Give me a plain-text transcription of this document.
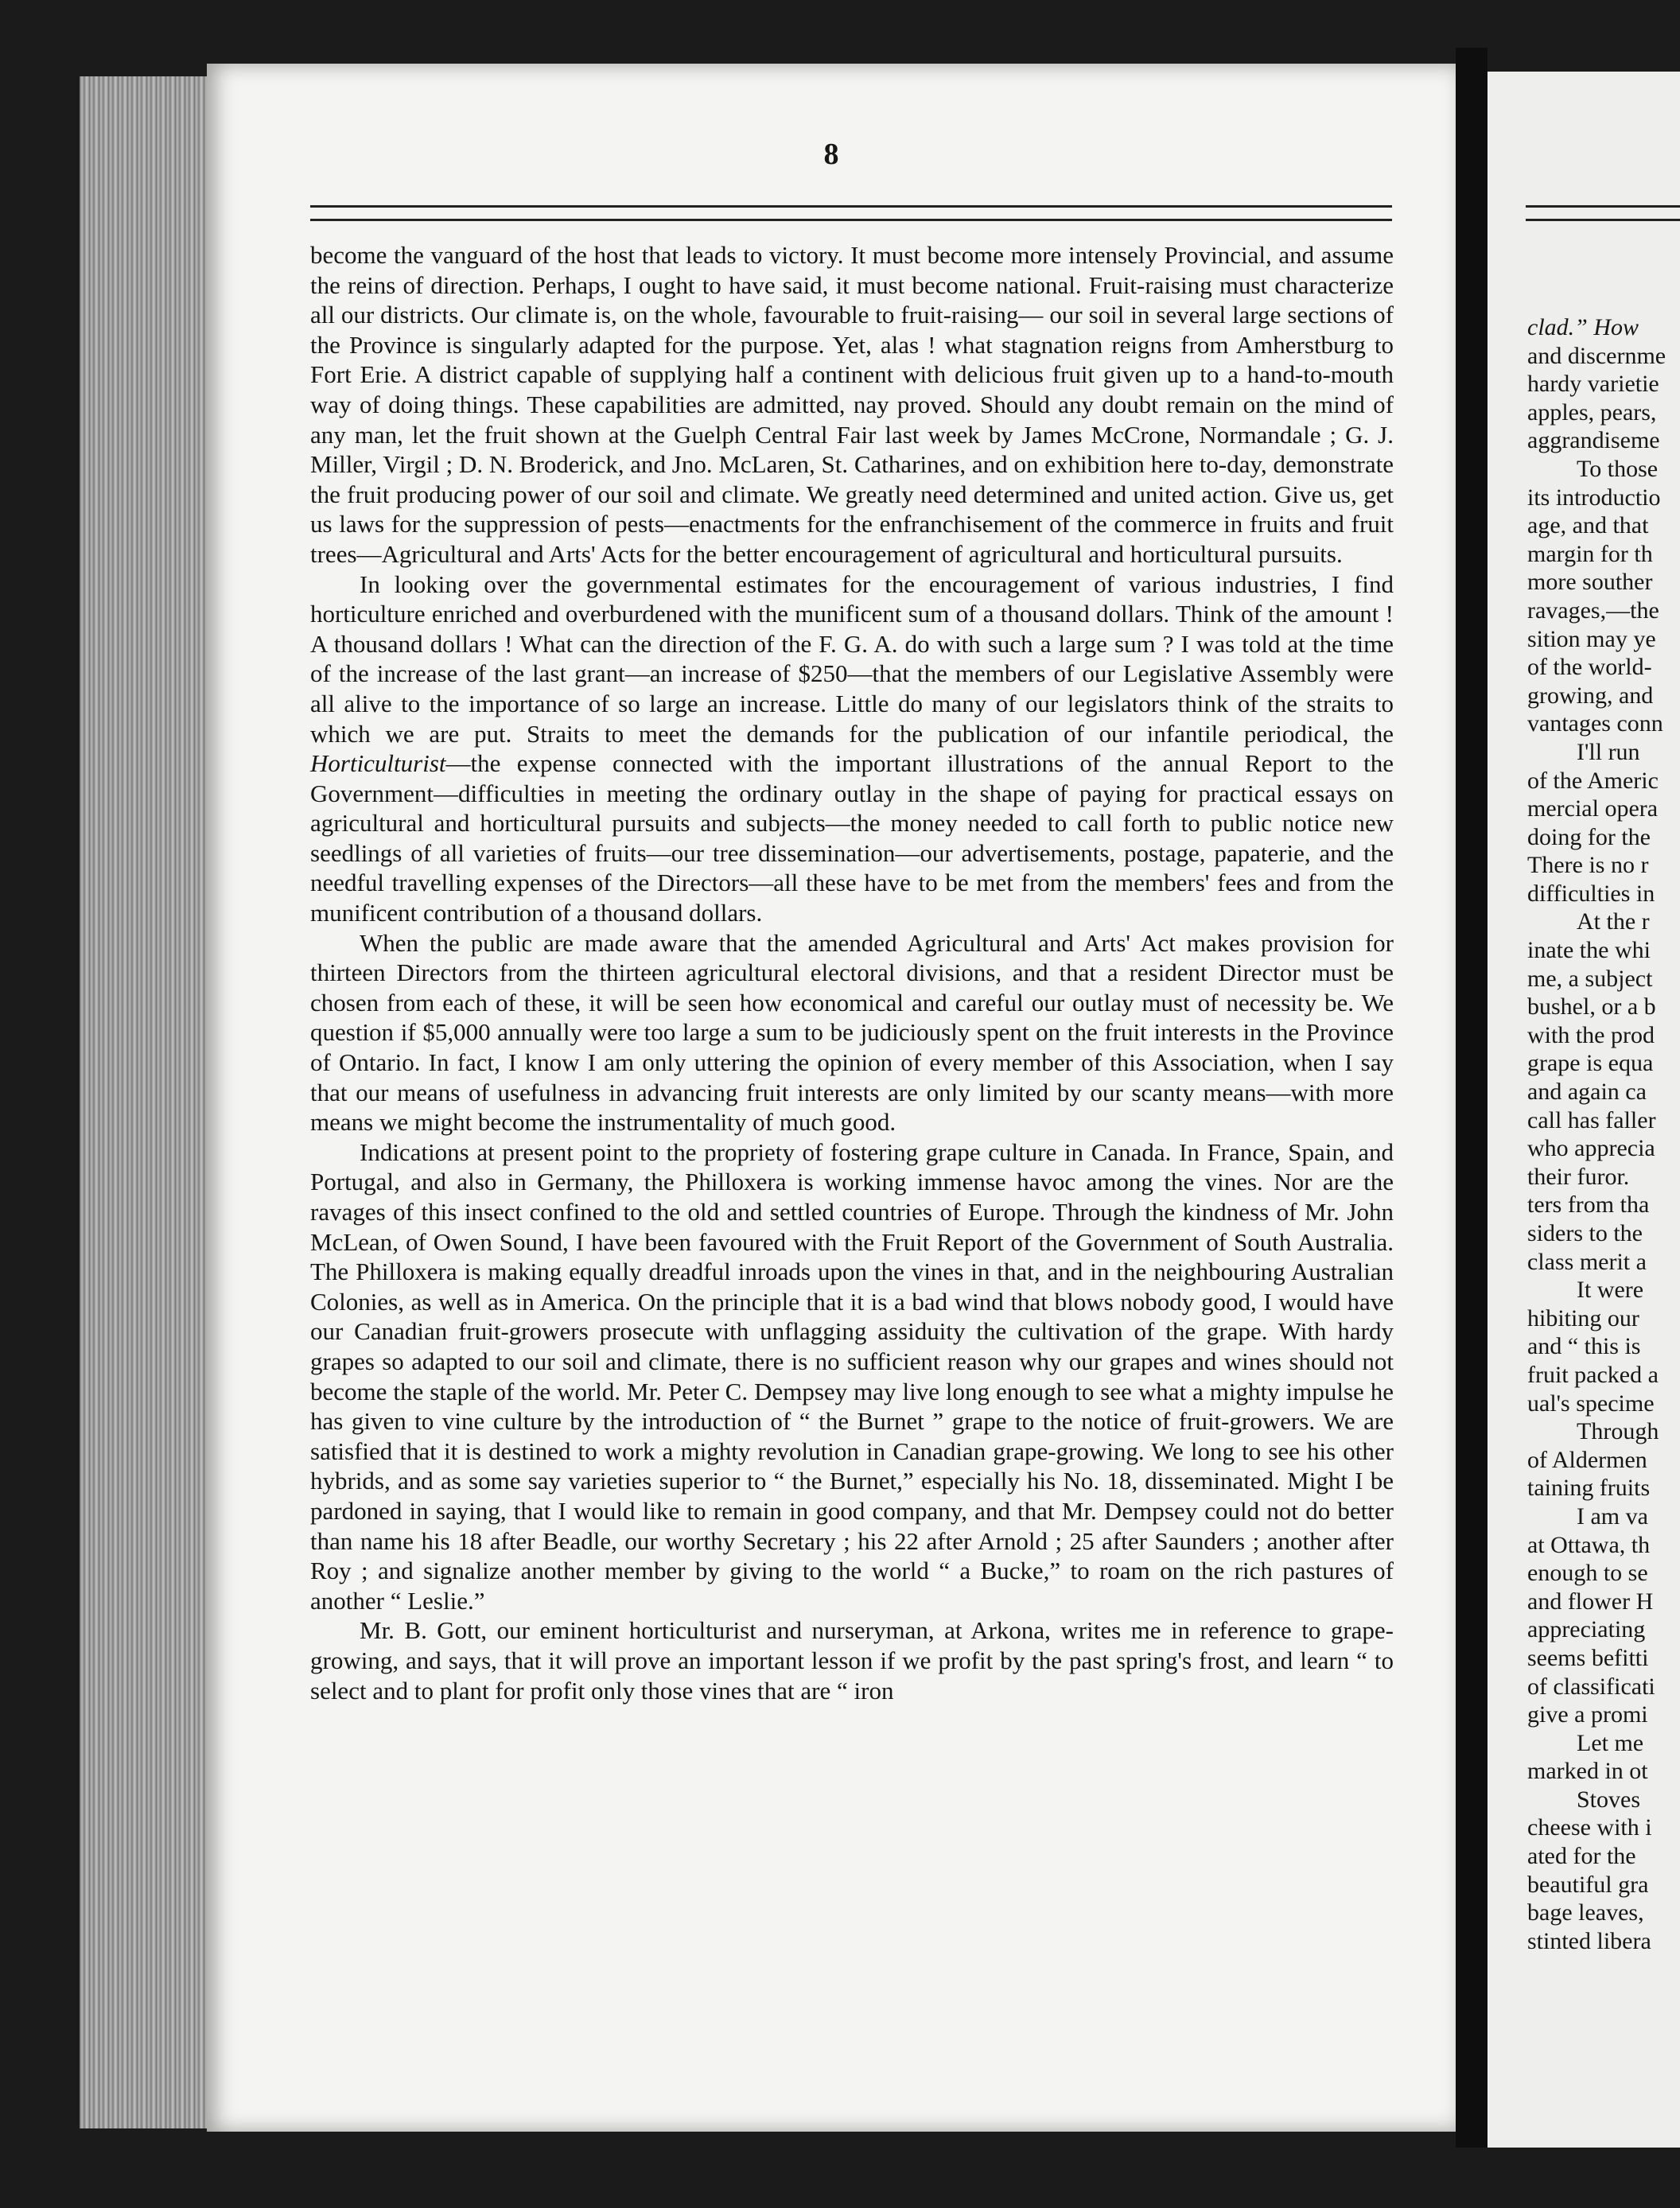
8

become the vanguard of the host that leads to victory. It must become more intensely Provincial, and assume the reins of direction. Perhaps, I ought to have said, it must become national. Fruit-raising must characterize all our districts. Our climate is, on the whole, favourable to fruit-raising— our soil in several large sections of the Province is singularly adapted for the purpose. Yet, alas ! what stagnation reigns from Amherstburg to Fort Erie. A district capable of supplying half a continent with delicious fruit given up to a hand-to-mouth way of doing things. These capabilities are admitted, nay proved. Should any doubt remain on the mind of any man, let the fruit shown at the Guelph Central Fair last week by James McCrone, Normandale ; G. J. Miller, Virgil ; D. N. Broderick, and Jno. McLaren, St. Catharines, and on exhibition here to-day, demonstrate the fruit producing power of our soil and climate. We greatly need determined and united action. Give us, get us laws for the suppression of pests—enactments for the enfranchisement of the commerce in fruits and fruit trees—Agricultural and Arts' Acts for the better encouragement of agricultural and horticultural pursuits.

In looking over the governmental estimates for the encouragement of various industries, I find horticulture enriched and overburdened with the munificent sum of a thousand dollars. Think of the amount ! A thousand dollars ! What can the direction of the F. G. A. do with such a large sum ? I was told at the time of the increase of the last grant—an increase of $250—that the members of our Legislative Assembly were all alive to the importance of so large an increase. Little do many of our legislators think of the straits to which we are put. Straits to meet the demands for the publication of our infantile periodical, the Horticulturist—the expense connected with the important illustrations of the annual Report to the Government—difficulties in meeting the ordinary outlay in the shape of paying for practical essays on agricultural and horticultural pursuits and subjects—the money needed to call forth to public notice new seedlings of all varieties of fruits—our tree dissemination—our advertisements, postage, papaterie, and the needful travelling expenses of the Directors—all these have to be met from the members' fees and from the munificent contribution of a thousand dollars.

When the public are made aware that the amended Agricultural and Arts' Act makes provision for thirteen Directors from the thirteen agricultural electoral divisions, and that a resident Director must be chosen from each of these, it will be seen how economical and careful our outlay must of necessity be. We question if $5,000 annually were too large a sum to be judiciously spent on the fruit interests in the Province of Ontario. In fact, I know I am only uttering the opinion of every member of this Association, when I say that our means of usefulness in advancing fruit interests are only limited by our scanty means—with more means we might become the instrumentality of much good.

Indications at present point to the propriety of fostering grape culture in Canada. In France, Spain, and Portugal, and also in Germany, the Philloxera is working immense havoc among the vines. Nor are the ravages of this insect confined to the old and settled countries of Europe. Through the kindness of Mr. John McLean, of Owen Sound, I have been favoured with the Fruit Report of the Government of South Australia. The Philloxera is making equally dreadful inroads upon the vines in that, and in the neighbouring Australian Colonies, as well as in America. On the principle that it is a bad wind that blows nobody good, I would have our Canadian fruit-growers prosecute with unflagging assiduity the cultivation of the grape. With hardy grapes so adapted to our soil and climate, there is no sufficient reason why our grapes and wines should not become the staple of the world. Mr. Peter C. Dempsey may live long enough to see what a mighty impulse he has given to vine culture by the introduction of “ the Burnet ” grape to the notice of fruit-growers. We are satisfied that it is destined to work a mighty revolution in Canadian grape-growing. We long to see his other hybrids, and as some say varieties superior to “ the Burnet,” especially his No. 18, disseminated. Might I be pardoned in saying, that I would like to remain in good company, and that Mr. Dempsey could not do better than name his 18 after Beadle, our worthy Secretary ; his 22 after Arnold ; 25 after Saunders ; another after Roy ; and signalize another member by giving to the world “ a Bucke,” to roam on the rich pastures of another “ Leslie.”

Mr. B. Gott, our eminent horticulturist and nurseryman, at Arkona, writes me in reference to grape-growing, and says, that it will prove an important lesson if we profit by the past spring's frost, and learn “ to select and to plant for profit only those vines that are “ iron

clad.” How
and discernme
hardy varietie
apples, pears,
aggrandiseme
To those
its introductio
age, and that
margin for th
more souther
ravages,—the
sition may ye
of the world-
growing, and
vantages conn
I'll run
of the Americ
mercial opera
doing for the
There is no r
difficulties in
At the r
inate the whi
me, a subject
bushel, or a b
with the prod
grape is equa
and again ca
call has faller
who apprecia
their furor.
ters from tha
siders to the
class merit a
It were
hibiting our
and “ this is
fruit packed a
ual's specime
Through
of Aldermen
taining fruits
I am va
at Ottawa, th
enough to se
and flower H
appreciating
seems befitti
of classificati
give a promi
Let me
marked in ot
Stoves
cheese with i
ated for the
beautiful gra
bage leaves,
stinted libera
